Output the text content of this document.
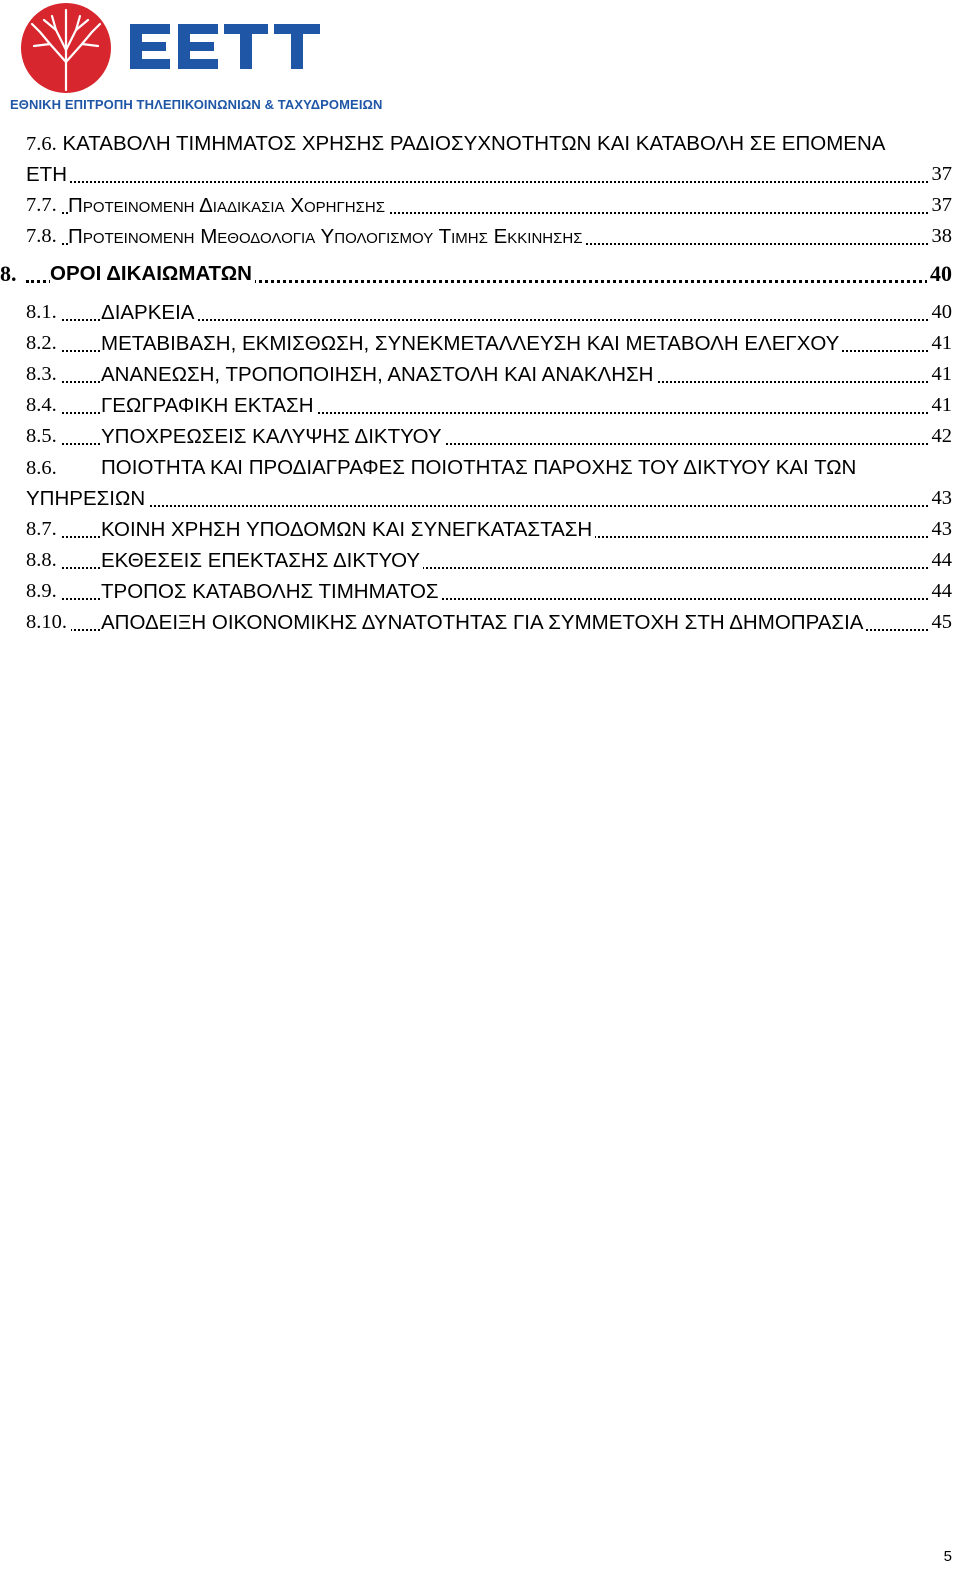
ΕΘΝΙΚΗ ΕΠΙΤΡΟΠΗ ΤΗΛΕΠΙΚΟΙΝΩΝΙΩΝ & ΤΑΧΥΔΡΟΜΕΙΩΝ
7.6. ΚΑΤΑΒΟΛΗ ΤΙΜΗΜΑΤΟΣ ΧΡΗΣΗΣ ΡΑΔΙΟΣΥΧΝΟΤΗΤΩΝ ΚΑΙ ΚΑΤΑΒΟΛΗ ΣΕ ΕΠΟΜΕΝΑ
ΕΤΗ	37
7.7. ΠΡΟΤΕΙΝΟΜΕΝΗ ΔΙΑΔΙΚΑΣΙΑ ΧΟΡΗΓΗΣΗΣ	37
7.8. ΠΡΟΤΕΙΝΟΜΕΝΗ ΜΕΘΟΔΟΛΟΓΙΑ ΥΠΟΛΟΓΙΣΜΟΥ ΤΙΜΗΣ ΕΚΚΙΝΗΣΗΣ	38
8. ΟΡΟΙ ΔΙΚΑΙΩΜΑΤΩΝ	40
8.1. ΔΙΑΡΚΕΙΑ	40
8.2. ΜΕΤΑΒΙΒΑΣΗ, ΕΚΜΙΣΘΩΣΗ, ΣΥΝΕΚΜΕΤΑΛΛΕΥΣΗ ΚΑΙ ΜΕΤΑΒΟΛΗ ΕΛΕΓΧΟΥ	41
8.3. ΑΝΑΝΕΩΣΗ, ΤΡΟΠΟΠΟΙΗΣΗ, ΑΝΑΣΤΟΛΗ ΚΑΙ ΑΝΑΚΛΗΣΗ	41
8.4. ΓΕΩΓΡΑΦΙΚΗ ΕΚΤΑΣΗ	41
8.5. ΥΠΟΧΡΕΩΣΕΙΣ ΚΑΛΥΨΗΣ ΔΙΚΤΥΟΥ	42
8.6. ΠΟΙΟΤΗΤΑ ΚΑΙ ΠΡΟΔΙΑΓΡΑΦΕΣ ΠΟΙΟΤΗΤΑΣ ΠΑΡΟΧΗΣ ΤΟΥ ΔΙΚΤΥΟΥ ΚΑΙ ΤΩΝ
ΥΠΗΡΕΣΙΩΝ	43
8.7. ΚΟΙΝΗ ΧΡΗΣΗ ΥΠΟΔΟΜΩΝ ΚΑΙ ΣΥΝΕΓΚΑΤΑΣΤΑΣΗ	43
8.8. ΕΚΘΕΣΕΙΣ ΕΠΕΚΤΑΣΗΣ ΔΙΚΤΥΟΥ	44
8.9. ΤΡΟΠΟΣ ΚΑΤΑΒΟΛΗΣ ΤΙΜΗΜΑΤΟΣ	44
8.10. ΑΠΟΔΕΙΞΗ ΟΙΚΟΝΟΜΙΚΗΣ ΔΥΝΑΤΟΤΗΤΑΣ ΓΙΑ ΣΥΜΜΕΤΟΧΗ ΣΤΗ ΔΗΜΟΠΡΑΣΙΑ	45
5
